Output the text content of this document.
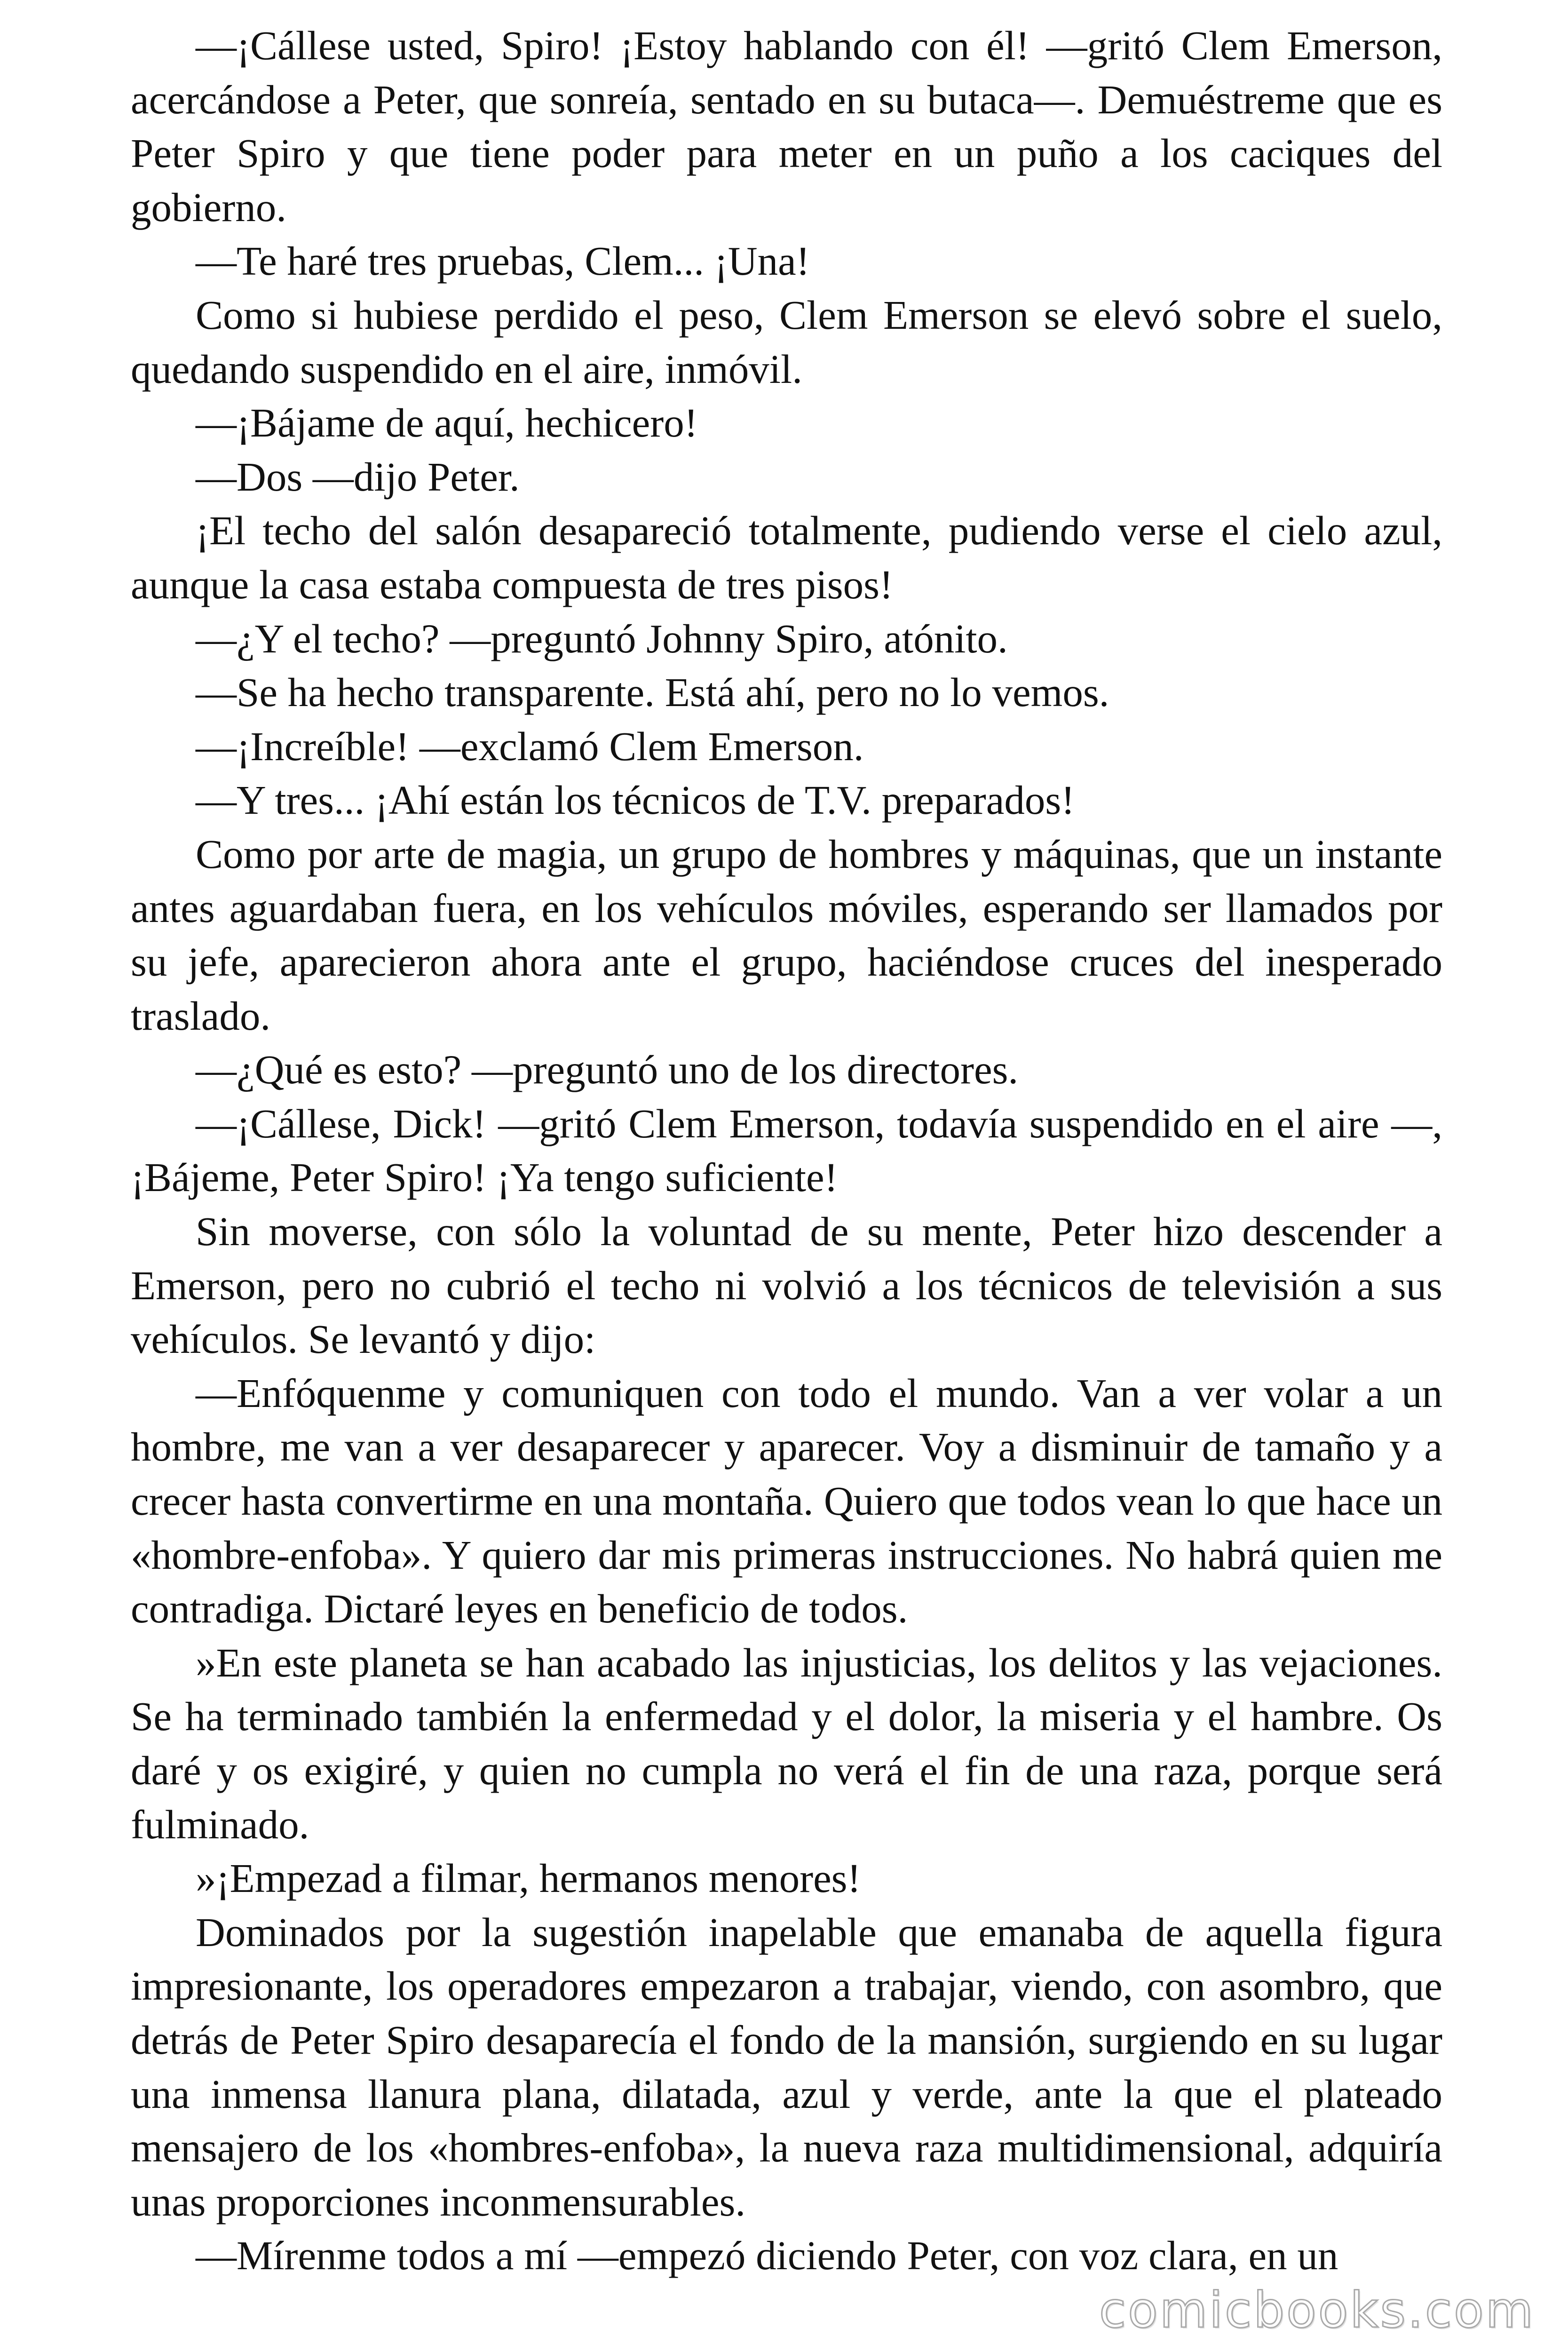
—¡Cállese usted, Spiro! ¡Estoy hablando con él! —gritó Clem Emerson, acercándose a Peter, que sonreía, sentado en su butaca—. Demuéstreme que es Peter Spiro y que tiene poder para meter en un puño a los caciques del gobierno.

—Te haré tres pruebas, Clem... ¡Una!

Como si hubiese perdido el peso, Clem Emerson se elevó sobre el suelo, quedando suspendido en el aire, inmóvil.

—¡Bájame de aquí, hechicero!

—Dos —dijo Peter.

¡El techo del salón desapareció totalmente, pudiendo verse el cielo azul, aunque la casa estaba compuesta de tres pisos!

—¿Y el techo? —preguntó Johnny Spiro, atónito.

—Se ha hecho transparente. Está ahí, pero no lo vemos.

—¡Increíble! —exclamó Clem Emerson.

—Y tres... ¡Ahí están los técnicos de T.V. preparados!

Como por arte de magia, un grupo de hombres y máquinas, que un instante antes aguardaban fuera, en los vehículos móviles, esperando ser llamados por su jefe, aparecieron ahora ante el grupo, haciéndose cruces del inesperado traslado.

—¿Qué es esto? —preguntó uno de los directores.

—¡Cállese, Dick! —gritó Clem Emerson, todavía suspendido en el aire —, ¡Bájeme, Peter Spiro! ¡Ya tengo suficiente!

Sin moverse, con sólo la voluntad de su mente, Peter hizo descender a Emerson, pero no cubrió el techo ni volvió a los técnicos de televisión a sus vehículos. Se levantó y dijo:

—Enfóquenme y comuniquen con todo el mundo. Van a ver volar a un hombre, me van a ver desaparecer y aparecer. Voy a disminuir de tamaño y a crecer hasta convertirme en una montaña. Quiero que todos vean lo que hace un «hombre-enfoba». Y quiero dar mis primeras instrucciones. No habrá quien me contradiga. Dictaré leyes en beneficio de todos.

»En este planeta se han acabado las injusticias, los delitos y las vejaciones. Se ha terminado también la enfermedad y el dolor, la miseria y el hambre. Os daré y os exigiré, y quien no cumpla no verá el fin de una raza, porque será fulminado.

»¡Empezad a filmar, hermanos menores!

Dominados por la sugestión inapelable que emanaba de aquella figura impresionante, los operadores empezaron a trabajar, viendo, con asombro, que detrás de Peter Spiro desaparecía el fondo de la mansión, surgiendo en su lugar una inmensa llanura plana, dilatada, azul y verde, ante la que el plateado mensajero de los «hombres-enfoba», la nueva raza multidimensional, adquiría unas proporciones inconmensurables.

—Mírenme todos a mí —empezó diciendo Peter, con voz clara, en un

comicbooks.com
